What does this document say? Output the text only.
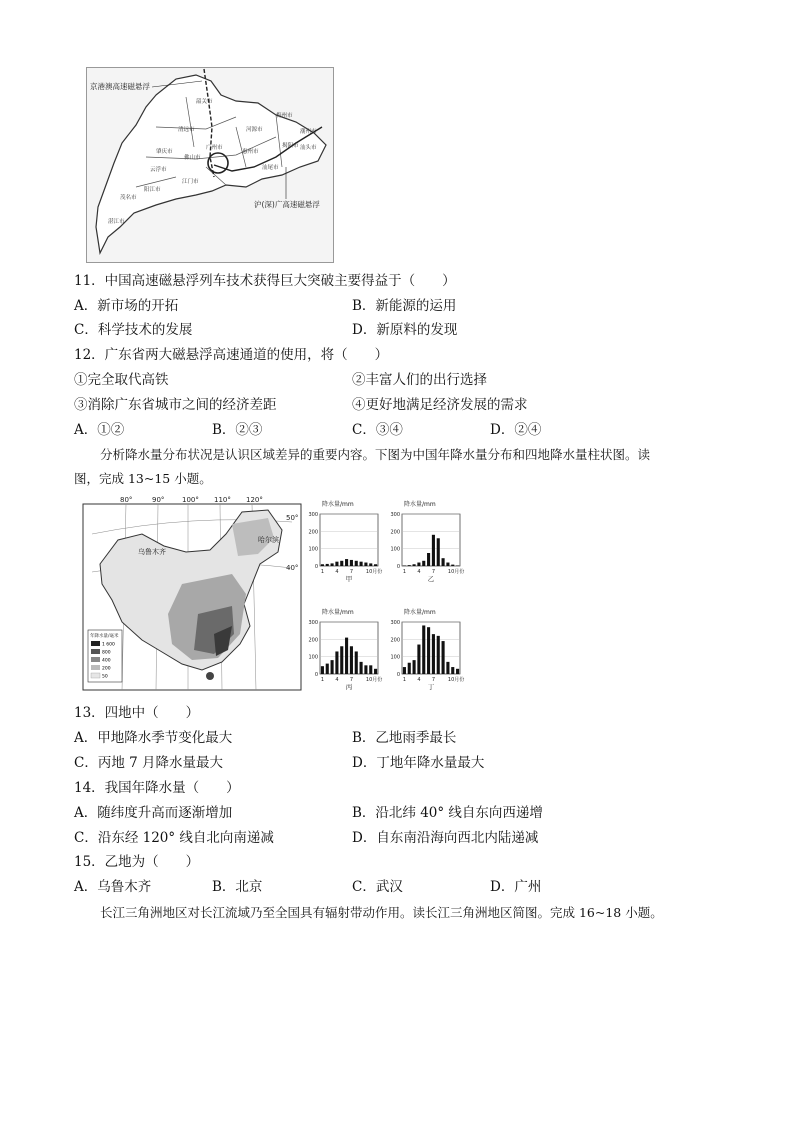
京港澳高速磁悬浮
沪(深)广高速磁悬浮
韶关市
清远市	河源市
梅州市
潮州市
汕头市
揭阳市
惠州市
广州市
佛山市
肇庆市
云浮市
江门市
阳江市
茂名市
湛江市
汕尾市
11．中国高速磁悬浮列车技术获得巨大突破主要得益于（　　）
A．新市场的开拓	B．新能源的运用
C．科学技术的发展	D．新原料的发现
12．广东省两大磁悬浮高速通道的使用，将（　　）
①完全取代高铁	②丰富人们的出行选择
③消除广东省城市之间的经济差距	④更好地满足经济发展的需求
A．①②	B．②③	C．③④	D．②④
分析降水量分布状况是认识区域差异的重要内容。下图为中国年降水量分布和四地降水量柱状图。读
图，完成 13~15 小题。
80°	90°	100° 110° 120°
50°
40°
乌鲁木齐
哈尔滨
年降水量/毫米
1 600
800
400
200
50
降水量/mm
0
100
200
300
1 4 7	10月份
甲
降水量/mm
0
100
200
300
1 4 7	10月份
乙
降水量/mm
0
100
200
300
1 4 7	10月份
丙
降水量/mm
0
100
200
300
1 4 7	10月份
丁
13．四地中（　　）
A．甲地降水季节变化最大	B．乙地雨季最长
C．丙地 7 月降水量最大	D．丁地年降水量最大
14．我国年降水量（　　）
A．随纬度升高而逐渐增加	B．沿北纬 40° 线自东向西递增
C．沿东经 120° 线自北向南递减	D．自东南沿海向西北内陆递减
15．乙地为（　　）
A．乌鲁木齐	B．北京	C．武汉	D．广州
长江三角洲地区对长江流域乃至全国具有辐射带动作用。读长江三角洲地区简图。完成 16~18 小题。
